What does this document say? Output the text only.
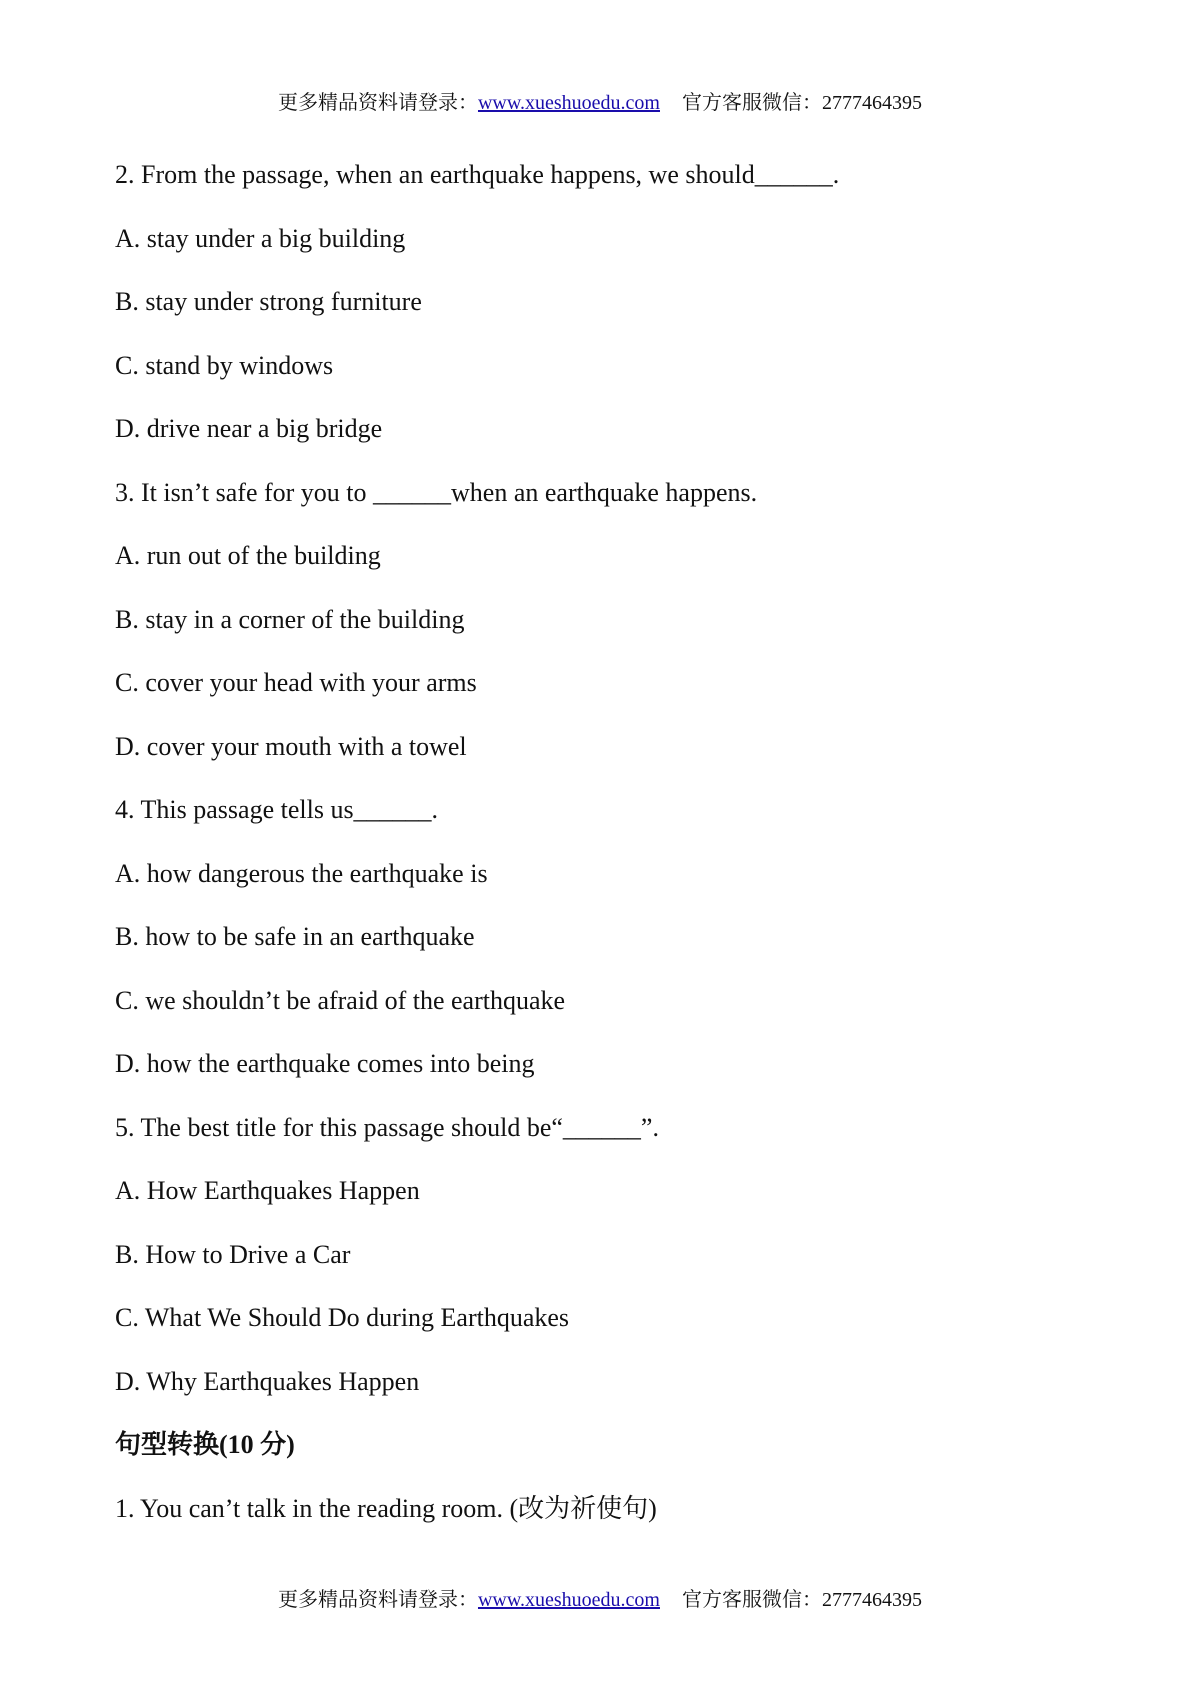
更多精品资料请登录：www.xueshuoedu.com 官方客服微信：2777464395
2. From the passage, when an earthquake happens, we should______.
A. stay under a big building
B. stay under strong furniture
C. stand by windows
D. drive near a big bridge
3. It isn’t safe for you to ______when an earthquake happens.
A. run out of the building
B. stay in a corner of the building
C. cover your head with your arms
D. cover your mouth with a towel
4. This passage tells us______.
A. how dangerous the earthquake is
B. how to be safe in an earthquake
C. we shouldn’t be afraid of the earthquake
D. how the earthquake comes into being
5. The best title for this passage should be“______”.
A. How Earthquakes Happen
B. How to Drive a Car
C. What We Should Do during Earthquakes
D. Why Earthquakes Happen
句型转换(10 分)
1. You can’t talk in the reading room. (改为祈使句)
更多精品资料请登录：www.xueshuoedu.com 官方客服微信：2777464395
